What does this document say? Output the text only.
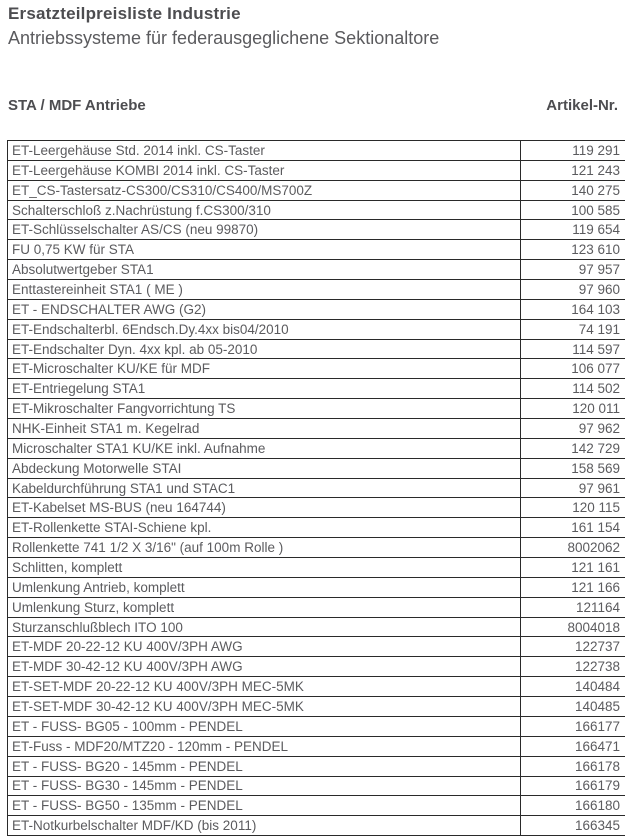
Ersatzteilpreisliste Industrie
Antriebssysteme für federausgeglichene Sektionaltore
STA / MDF Antriebe	Artikel-Nr.
ET-Leergehäuse Std. 2014 inkl. CS-Taster	119 291
ET-Leergehäuse KOMBI 2014 inkl. CS-Taster	121 243
ET_CS-Tastersatz-CS300/CS310/CS400/MS700Z	140 275
Schalterschloß z.Nachrüstung f.CS300/310	100 585
ET-Schlüsselschalter AS/CS (neu 99870)	119 654
FU 0,75 KW für STA	123 610
Absolutwertgeber STA1	97 957
Enttastereinheit STA1 ( ME )	97 960
ET - ENDSCHALTER AWG (G2)	164 103
ET-Endschalterbl. 6Endsch.Dy.4xx bis04/2010	74 191
ET-Endschalter Dyn. 4xx kpl. ab 05-2010	114 597
ET-Microschalter KU/KE für MDF	106 077
ET-Entriegelung STA1	114 502
ET-Mikroschalter Fangvorrichtung TS	120 011
NHK-Einheit STA1 m. Kegelrad	97 962
Microschalter STA1 KU/KE inkl. Aufnahme	142 729
Abdeckung Motorwelle STAI	158 569
Kabeldurchführung STA1 und STAC1	97 961
ET-Kabelset MS-BUS (neu 164744)	120 115
ET-Rollenkette STAI-Schiene kpl.	161 154
Rollenkette 741 1/2 X 3/16" (auf 100m Rolle )	8002062
Schlitten, komplett	121 161
Umlenkung Antrieb, komplett	121 166
Umlenkung Sturz, komplett	121164
Sturzanschlußblech ITO 100	8004018
ET-MDF 20-22-12 KU 400V/3PH AWG	122737
ET-MDF 30-42-12 KU 400V/3PH AWG	122738
ET-SET-MDF 20-22-12 KU 400V/3PH MEC-5MK	140484
ET-SET-MDF 30-42-12 KU 400V/3PH MEC-5MK	140485
ET - FUSS- BG05 - 100mm - PENDEL	166177
ET-Fuss - MDF20/MTZ20 - 120mm - PENDEL	166471
ET - FUSS- BG20 - 145mm - PENDEL	166178
ET - FUSS- BG30 - 145mm - PENDEL	166179
ET - FUSS- BG50 - 135mm - PENDEL	166180
ET-Notkurbelschalter MDF/KD (bis 2011)	166345
